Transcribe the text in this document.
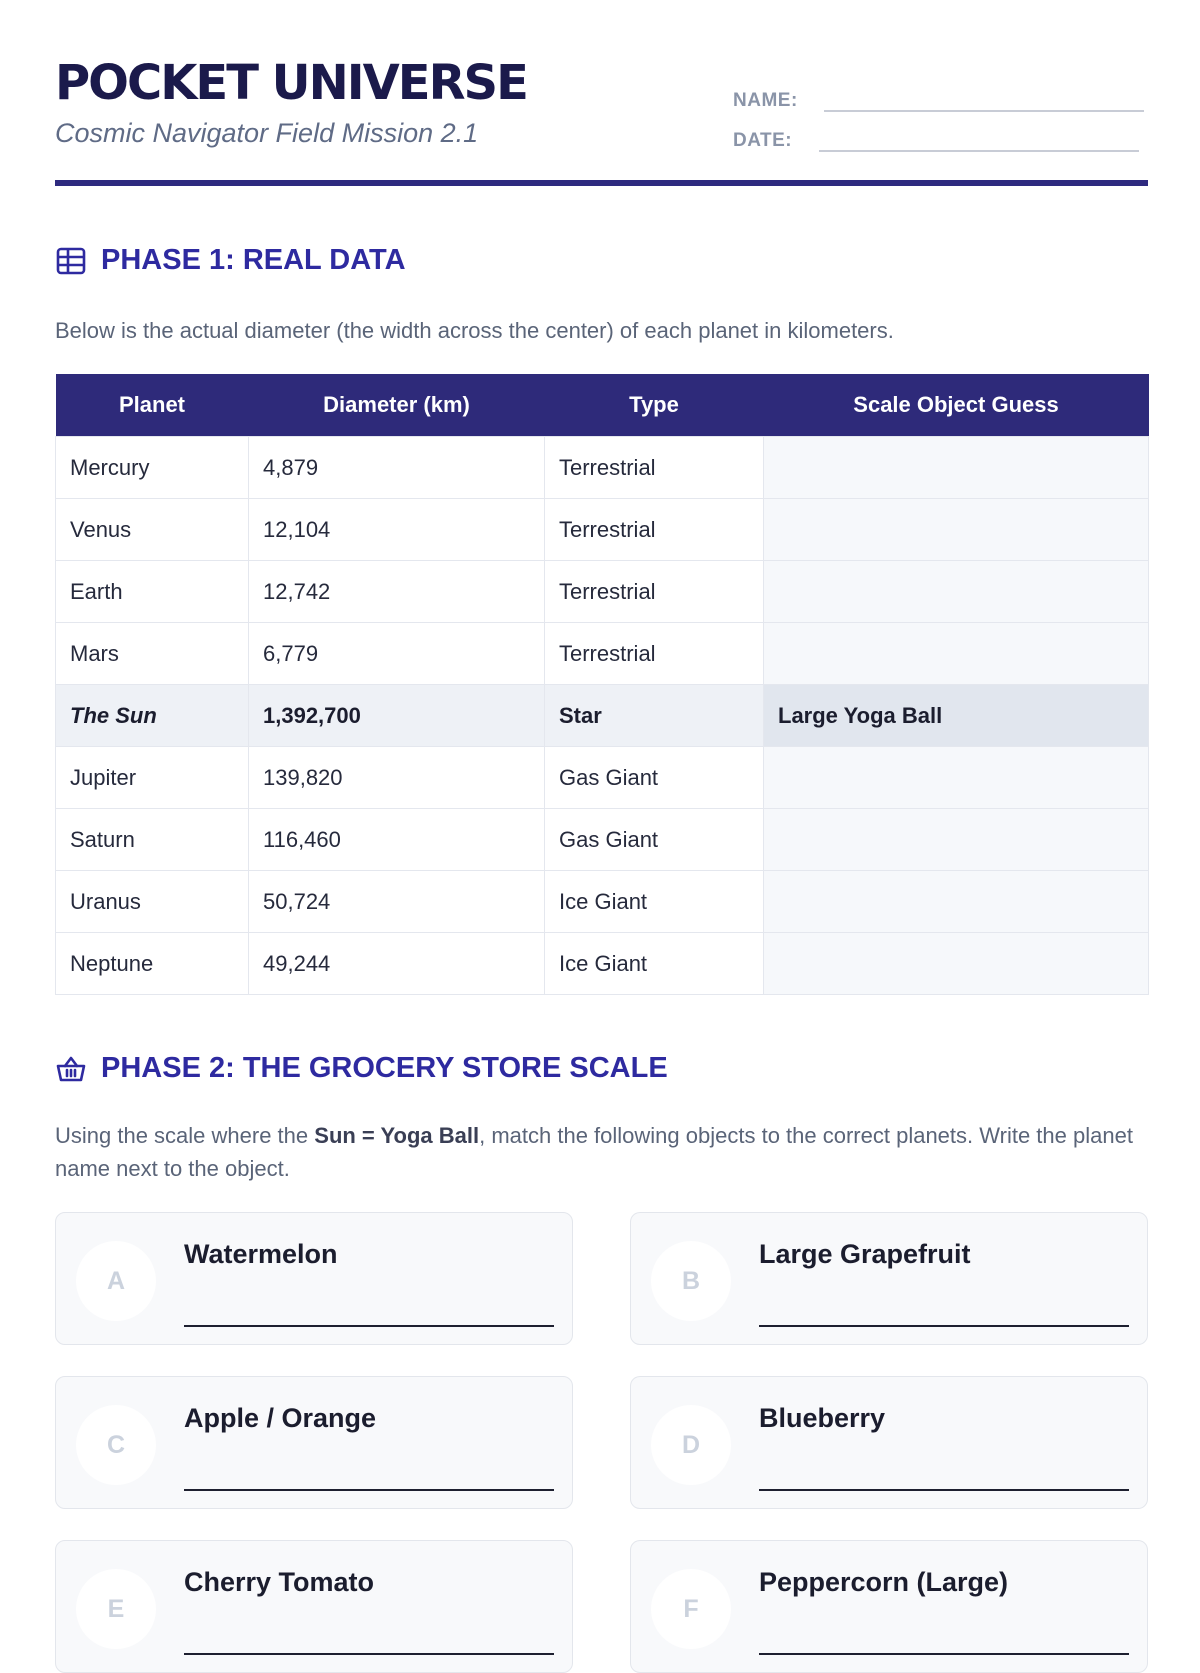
POCKET UNIVERSE

Cosmic Navigator Field Mission 2.1

NAME:
DATE:
PHASE 1: REAL DATA

Below is the actual diameter (the width across the center) of each planet in kilometers.

Planet	Diameter (km)	Type	Scale Object Guess
Mercury	4,879	Terrestrial	
Venus	12,104	Terrestrial	
Earth	12,742	Terrestrial	
Mars	6,779	Terrestrial	
The Sun	1,392,700	Star	Large Yoga Ball
Jupiter	139,820	Gas Giant	
Saturn	116,460	Gas Giant	
Uranus	50,724	Ice Giant	
Neptune	49,244	Ice Giant	
PHASE 2: THE GROCERY STORE SCALE

Using the scale where the Sun = Yoga Ball, match the following objects to the correct planets. Write the planet name next to the object.

A
Watermelon
B
Large Grapefruit
C
Apple / Orange
D
Blueberry
E
Cherry Tomato
F
Peppercorn (Large)
